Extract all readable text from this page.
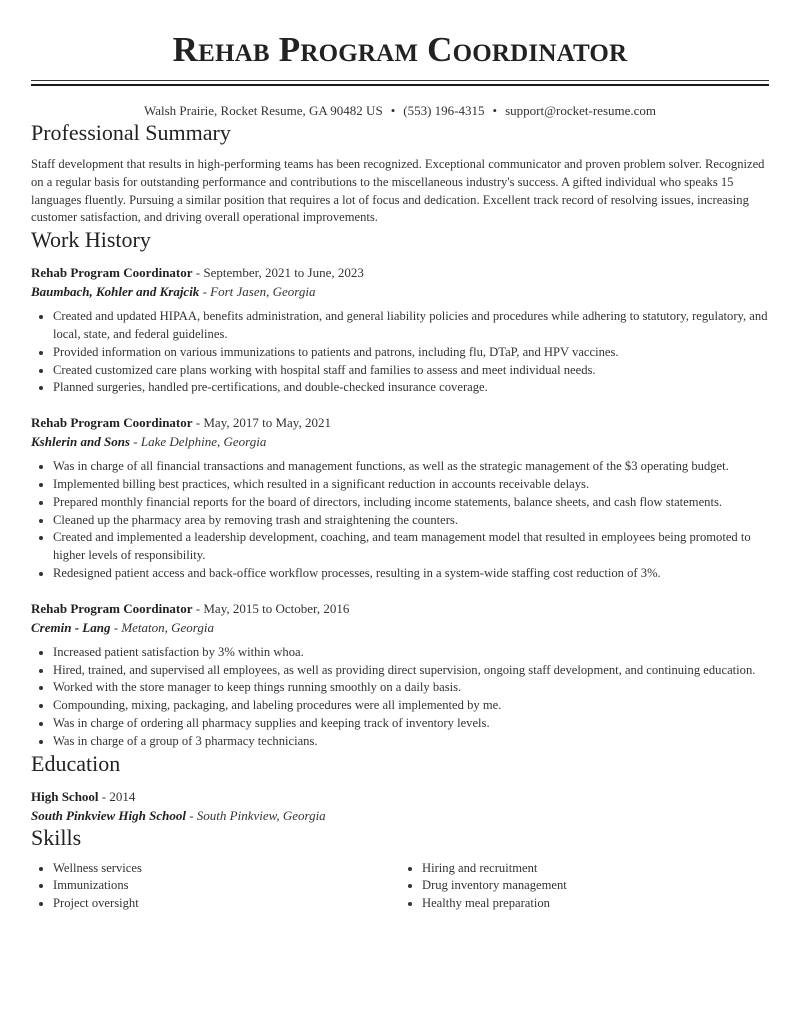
Rehab Program Coordinator
Walsh Prairie, Rocket Resume, GA 90482 US • (553) 196-4315 • support@rocket-resume.com
Professional Summary

Staff development that results in high-performing teams has been recognized. Exceptional communicator and proven problem solver. Recognized on a regular basis for outstanding performance and contributions to the miscellaneous industry's success. A gifted individual who speaks 15 languages fluently. Pursuing a similar position that requires a lot of focus and dedication. Excellent track record of resolving issues, increasing customer satisfaction, and driving overall operational improvements.

Work History

Rehab Program Coordinator - September, 2021 to June, 2023

Baumbach, Kohler and Krajcik - Fort Jasen, Georgia

• Created and updated HIPAA, benefits administration, and general liability policies and procedures while adhering to statutory, regulatory, and local, state, and federal guidelines.
• Provided information on various immunizations to patients and patrons, including flu, DTaP, and HPV vaccines.
• Created customized care plans working with hospital staff and families to assess and meet individual needs.
• Planned surgeries, handled pre-certifications, and double-checked insurance coverage.

Rehab Program Coordinator - May, 2017 to May, 2021

Kshlerin and Sons - Lake Delphine, Georgia

• Was in charge of all financial transactions and management functions, as well as the strategic management of the $3 operating budget.
• Implemented billing best practices, which resulted in a significant reduction in accounts receivable delays.
• Prepared monthly financial reports for the board of directors, including income statements, balance sheets, and cash flow statements.
• Cleaned up the pharmacy area by removing trash and straightening the counters.
• Created and implemented a leadership development, coaching, and team management model that resulted in employees being promoted to higher levels of responsibility.
• Redesigned patient access and back-office workflow processes, resulting in a system-wide staffing cost reduction of 3%.

Rehab Program Coordinator - May, 2015 to October, 2016

Cremin - Lang - Metaton, Georgia

• Increased patient satisfaction by 3% within whoa.
• Hired, trained, and supervised all employees, as well as providing direct supervision, ongoing staff development, and continuing education.
• Worked with the store manager to keep things running smoothly on a daily basis.
• Compounding, mixing, packaging, and labeling procedures were all implemented by me.
• Was in charge of ordering all pharmacy supplies and keeping track of inventory levels.
• Was in charge of a group of 3 pharmacy technicians.
Education

High School - 2014

South Pinkview High School - South Pinkview, Georgia

Skills
• Wellness services
• Immunizations
• Project oversight
• Hiring and recruitment
• Drug inventory management
• Healthy meal preparation
